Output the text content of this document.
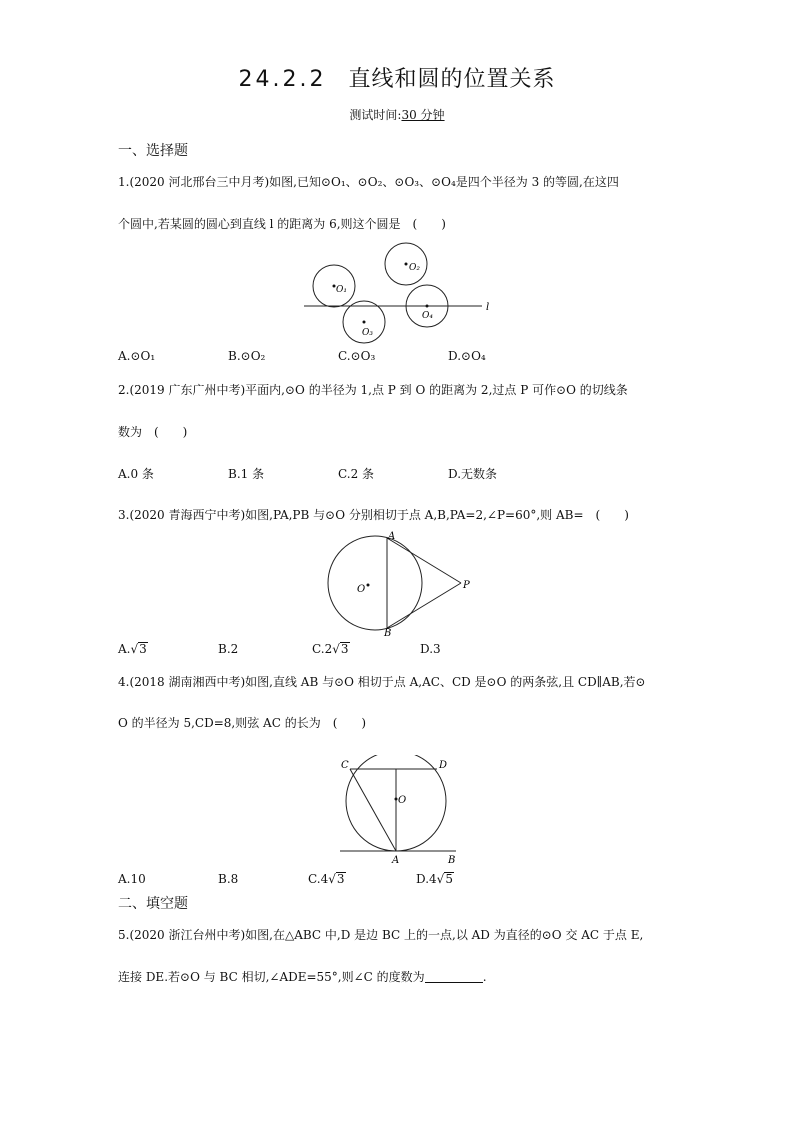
24.2.2 直线和圆的位置关系
测试时间:30 分钟
一、选择题
1.(2020 河北邢台三中月考)如图,已知⊙O₁、⊙O₂、⊙O₃、⊙O₄是四个半径为 3 的等圆,在这四
个圆中,若某圆的圆心到直线 l 的距离为 6,则这个圆是　(　　)
O₁
O₂
O₃
O₄
l
A.⊙O₁	B.⊙O₂	C.⊙O₃	D.⊙O₄
2.(2019 广东广州中考)平面内,⊙O 的半径为 1,点 P 到 O 的距离为 2,过点 P 可作⊙O 的切线条
数为　(　　)
A.0 条	B.1 条	C.2 条	D.无数条
3.(2020 青海西宁中考)如图,PA,PB 与⊙O 分别相切于点 A,B,PA=2,∠P=60°,则 AB=　(　　)
A
B
O	P
A.√3	B.2	C.2√3	D.3
4.(2018 湖南湘西中考)如图,直线 AB 与⊙O 相切于点 A,AC、CD 是⊙O 的两条弦,且 CD∥AB,若⊙
O 的半径为 5,CD=8,则弦 AC 的长为　(　　)
C	D
O
A	B
A.10	B.8	C.4√3	D.4√5
二、填空题
5.(2020 浙江台州中考)如图,在△ABC 中,D 是边 BC 上的一点,以 AD 为直径的⊙O 交 AC 于点 E,
连接 DE.若⊙O 与 BC 相切,∠ADE=55°,则∠C 的度数为	.
